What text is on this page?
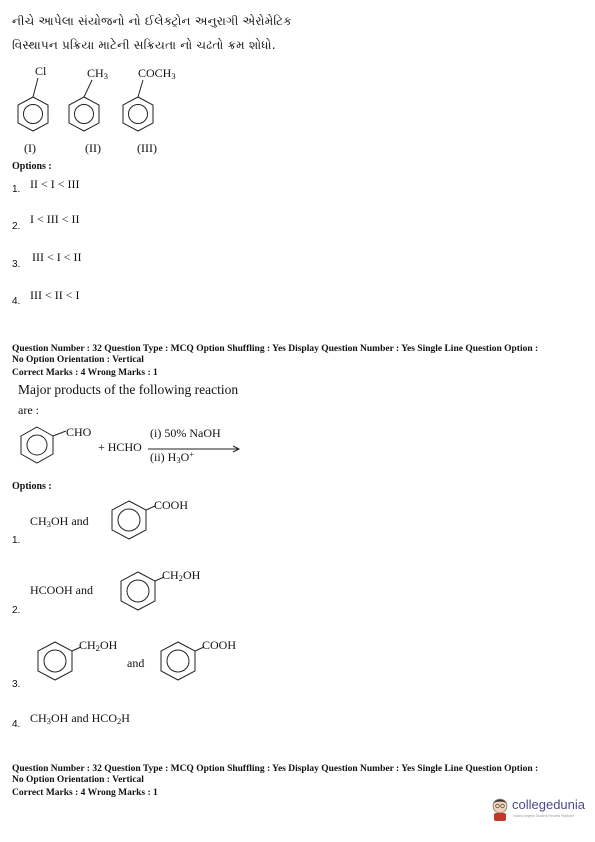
નીચે આપેલા સંયોજનો નો ઈલેક્ટ્રોન અનુરાગી એરોમેટિક
વિસ્થાપન પ્રક્રિયા માટેની સક્રિયતા નો ચઢતો ક્રમ શોધો.
Cl	$CH_3$	$COCH_3$
(I)	(II)	(III)
Options :
1. II < I < III
2.
I < III < II
3.
III < I < II
4. III < II < I
Question Number : 32 Question Type : MCQ Option Shuffling : Yes Display Question Number : Yes Single Line Question Option :
No Option Orientation : Vertical
Correct Marks : 4 Wrong Marks : 1
Major products of the following reaction
are :
CHO
+ HCHO
(i) 50% NaOH
(ii) $H_3O^+$
Options :
1.
$CH_3OH$ and
COOH
2.
HCOOH and
$CH_2OH$
3.
$CH_2OH$
and
COOH
4. $CH_3OH$ and $HCO_2H$
Question Number : 32 Question Type : MCQ Option Shuffling : Yes Display Question Number : Yes Single Line Question Option :
No Option Orientation : Vertical
Correct Marks : 4 Wrong Marks : 1
collegedunia
India's largest Student Review Platform
